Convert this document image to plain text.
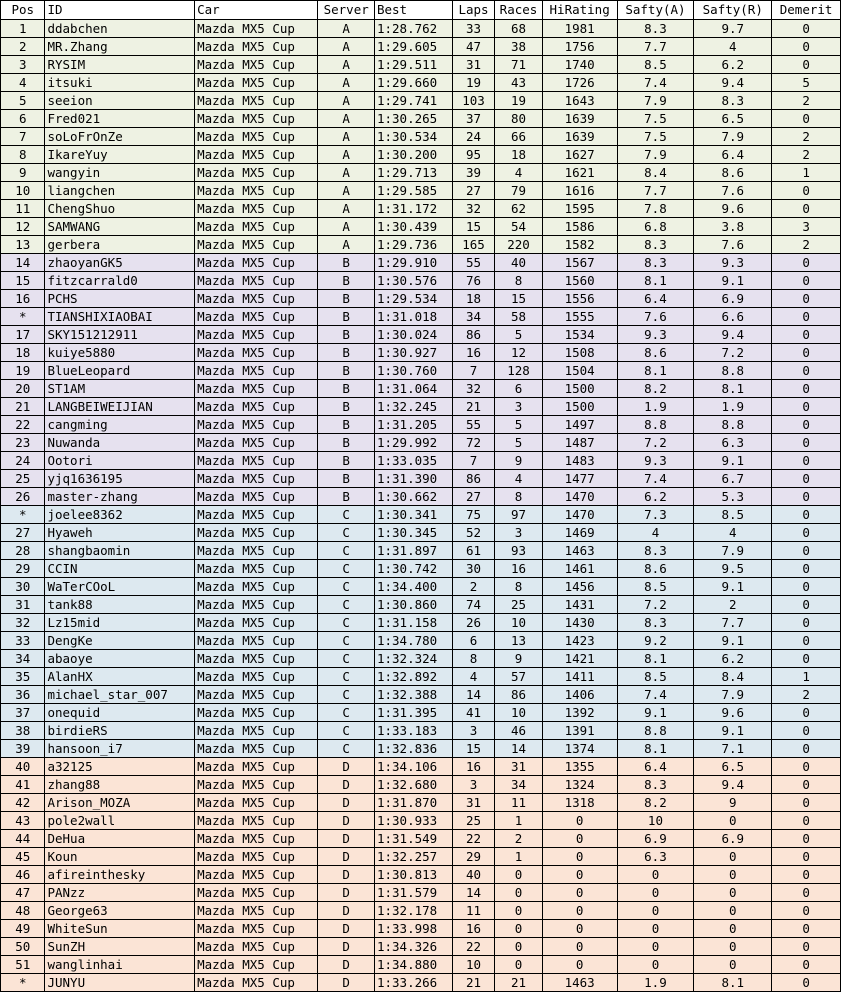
Pos	ID	Car	Server	Best	Laps	Races	HiRating	Safty(A)	Safty(R)	Demerit
1	ddabchen	Mazda MX5 Cup	A	1:28.762	33	68	1981	8.3	9.7	0
2	MR.Zhang	Mazda MX5 Cup	A	1:29.605	47	38	1756	7.7	4	0
3	RYSIM	Mazda MX5 Cup	A	1:29.511	31	71	1740	8.5	6.2	0
4	itsuki	Mazda MX5 Cup	A	1:29.660	19	43	1726	7.4	9.4	5
5	seeion	Mazda MX5 Cup	A	1:29.741	103	19	1643	7.9	8.3	2
6	Fred021	Mazda MX5 Cup	A	1:30.265	37	80	1639	7.5	6.5	0
7	soLoFrOnZe	Mazda MX5 Cup	A	1:30.534	24	66	1639	7.5	7.9	2
8	IkareYuy	Mazda MX5 Cup	A	1:30.200	95	18	1627	7.9	6.4	2
9	wangyin	Mazda MX5 Cup	A	1:29.713	39	4	1621	8.4	8.6	1
10	liangchen	Mazda MX5 Cup	A	1:29.585	27	79	1616	7.7	7.6	0
11	ChengShuo	Mazda MX5 Cup	A	1:31.172	32	62	1595	7.8	9.6	0
12	SAMWANG	Mazda MX5 Cup	A	1:30.439	15	54	1586	6.8	3.8	3
13	gerbera	Mazda MX5 Cup	A	1:29.736	165	220	1582	8.3	7.6	2
14	zhaoyanGK5	Mazda MX5 Cup	B	1:29.910	55	40	1567	8.3	9.3	0
15	fitzcarrald0	Mazda MX5 Cup	B	1:30.576	76	8	1560	8.1	9.1	0
16	PCHS	Mazda MX5 Cup	B	1:29.534	18	15	1556	6.4	6.9	0
*	TIANSHIXIAOBAI	Mazda MX5 Cup	B	1:31.018	34	58	1555	7.6	6.6	0
17	SKY151212911	Mazda MX5 Cup	B	1:30.024	86	5	1534	9.3	9.4	0
18	kuiye5880	Mazda MX5 Cup	B	1:30.927	16	12	1508	8.6	7.2	0
19	BlueLeopard	Mazda MX5 Cup	B	1:30.760	7	128	1504	8.1	8.8	0
20	ST1AM	Mazda MX5 Cup	B	1:31.064	32	6	1500	8.2	8.1	0
21	LANGBEIWEIJIAN	Mazda MX5 Cup	B	1:32.245	21	3	1500	1.9	1.9	0
22	cangming	Mazda MX5 Cup	B	1:31.205	55	5	1497	8.8	8.8	0
23	Nuwanda	Mazda MX5 Cup	B	1:29.992	72	5	1487	7.2	6.3	0
24	Ootori	Mazda MX5 Cup	B	1:33.035	7	9	1483	9.3	9.1	0
25	yjq1636195	Mazda MX5 Cup	B	1:31.390	86	4	1477	7.4	6.7	0
26	master-zhang	Mazda MX5 Cup	B	1:30.662	27	8	1470	6.2	5.3	0
*	joelee8362	Mazda MX5 Cup	C	1:30.341	75	97	1470	7.3	8.5	0
27	Hyaweh	Mazda MX5 Cup	C	1:30.345	52	3	1469	4	4	0
28	shangbaomin	Mazda MX5 Cup	C	1:31.897	61	93	1463	8.3	7.9	0
29	CCIN	Mazda MX5 Cup	C	1:30.742	30	16	1461	8.6	9.5	0
30	WaTerCOoL	Mazda MX5 Cup	C	1:34.400	2	8	1456	8.5	9.1	0
31	tank88	Mazda MX5 Cup	C	1:30.860	74	25	1431	7.2	2	0
32	Lz15mid	Mazda MX5 Cup	C	1:31.158	26	10	1430	8.3	7.7	0
33	DengKe	Mazda MX5 Cup	C	1:34.780	6	13	1423	9.2	9.1	0
34	abaoye	Mazda MX5 Cup	C	1:32.324	8	9	1421	8.1	6.2	0
35	AlanHX	Mazda MX5 Cup	C	1:32.892	4	57	1411	8.5	8.4	1
36	michael_star_007	Mazda MX5 Cup	C	1:32.388	14	86	1406	7.4	7.9	2
37	onequid	Mazda MX5 Cup	C	1:31.395	41	10	1392	9.1	9.6	0
38	birdieRS	Mazda MX5 Cup	C	1:33.183	3	46	1391	8.8	9.1	0
39	hansoon_i7	Mazda MX5 Cup	C	1:32.836	15	14	1374	8.1	7.1	0
40	a32125	Mazda MX5 Cup	D	1:34.106	16	31	1355	6.4	6.5	0
41	zhang88	Mazda MX5 Cup	D	1:32.680	3	34	1324	8.3	9.4	0
42	Arison_MOZA	Mazda MX5 Cup	D	1:31.870	31	11	1318	8.2	9	0
43	pole2wall	Mazda MX5 Cup	D	1:30.933	25	1	0	10	0	0
44	DeHua	Mazda MX5 Cup	D	1:31.549	22	2	0	6.9	6.9	0
45	Koun	Mazda MX5 Cup	D	1:32.257	29	1	0	6.3	0	0
46	afireinthesky	Mazda MX5 Cup	D	1:30.813	40	0	0	0	0	0
47	PANzz	Mazda MX5 Cup	D	1:31.579	14	0	0	0	0	0
48	George63	Mazda MX5 Cup	D	1:32.178	11	0	0	0	0	0
49	WhiteSun	Mazda MX5 Cup	D	1:33.998	16	0	0	0	0	0
50	SunZH	Mazda MX5 Cup	D	1:34.326	22	0	0	0	0	0
51	wanglinhai	Mazda MX5 Cup	D	1:34.880	10	0	0	0	0	0
*	JUNYU	Mazda MX5 Cup	D	1:33.266	21	21	1463	1.9	8.1	0
